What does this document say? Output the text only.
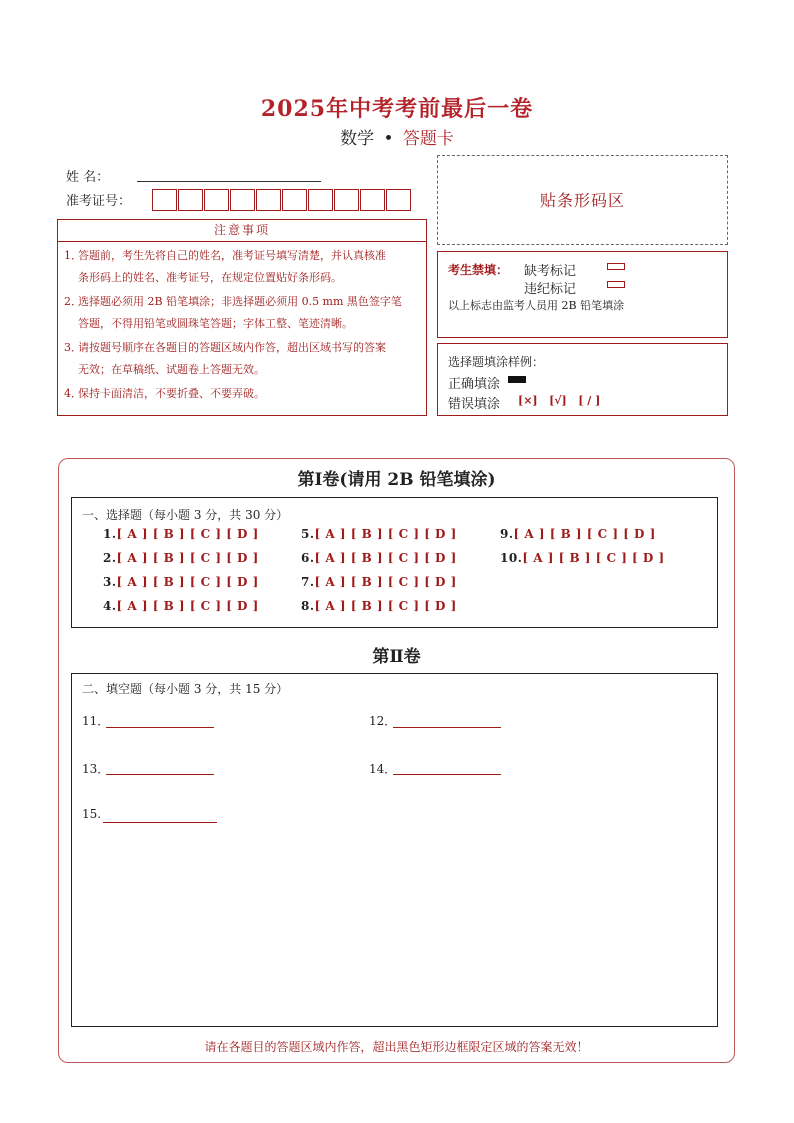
2025年中考考前最后一卷
数学 • 答题卡
姓 名：
准考证号：	贴条形码区
注意事项
1．答题前，考生先将自己的姓名，准考证号填写清楚，并认真核准
条形码上的姓名、准考证号，在规定位置贴好条形码。
2．选择题必须用 2B 铅笔填涂；非选择题必须用 0.5 mm 黑色签字笔
答题，不得用铅笔或圆珠笔答题；字体工整、笔迹清晰。
3．请按题号顺序在各题目的答题区域内作答，超出区域书写的答案
无效；在草稿纸、试题卷上答题无效。
4．保持卡面清洁，不要折叠、不要弄破。
考生禁填： 缺考标记
违纪标记
以上标志由监考人员用 2B 铅笔填涂
选择题填涂样例：
正确填涂
错误填涂 [×]   [√]   [ / ]
第Ⅰ卷(请用 2B 铅笔填涂)
一、选择题（每小题 3 分，共 30 分）
1.[ A ] [ B ] [ C ] [ D ]
2.[ A ] [ B ] [ C ] [ D ]
3.[ A ] [ B ] [ C ] [ D ]
4.[ A ] [ B ] [ C ] [ D ]
5.[ A ] [ B ] [ C ] [ D ]
6.[ A ] [ B ] [ C ] [ D ]
7.[ A ] [ B ] [ C ] [ D ]
8.[ A ] [ B ] [ C ] [ D ]
9.[ A ] [ B ] [ C ] [ D ]
10.[ A ] [ B ] [ C ] [ D ]
第Ⅱ卷
二、填空题（每小题 3 分，共 15 分）
11．	12．
13．	14．
15.
请在各题目的答题区域内作答，超出黑色矩形边框限定区域的答案无效！
